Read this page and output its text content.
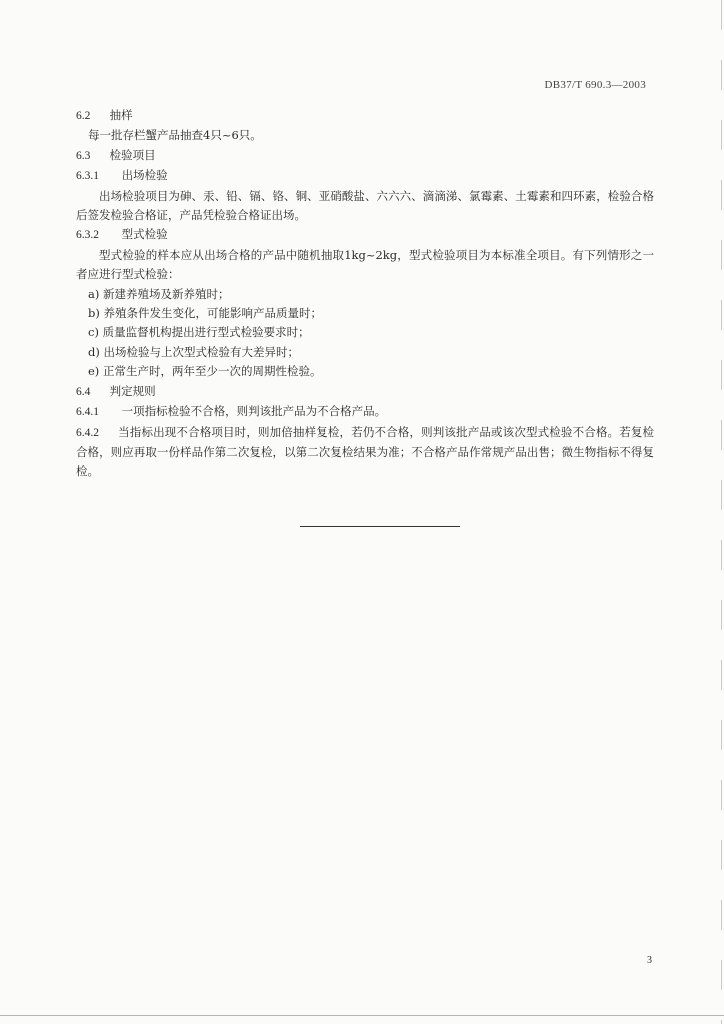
DB37/T 690.3—2003
6.2 抽样
每一批存栏蟹产品抽查4只~6只。
6.3 检验项目
6.3.1 出场检验
出场检验项目为砷、汞、铅、镉、铬、铜、亚硝酸盐、六六六、滴滴涕、氯霉素、土霉素和四环素，检验合格后签发检验合格证，产品凭检验合格证出场。
6.3.2 型式检验
型式检验的样本应从出场合格的产品中随机抽取1kg~2kg，型式检验项目为本标准全项目。有下列情形之一者应进行型式检验：
a) 新建养殖场及新养殖时；
b) 养殖条件发生变化，可能影响产品质量时；
c) 质量监督机构提出进行型式检验要求时；
d) 出场检验与上次型式检验有大差异时；
e) 正常生产时，两年至少一次的周期性检验。
6.4 判定规则
6.4.1 一项指标检验不合格，则判该批产品为不合格产品。
6.4.2 当指标出现不合格项目时，则加倍抽样复检，若仍不合格，则判该批产品或该次型式检验不合格。若复检合格，则应再取一份样品作第二次复检，以第二次复检结果为准；不合格产品作常规产品出售；微生物指标不得复检。
3
